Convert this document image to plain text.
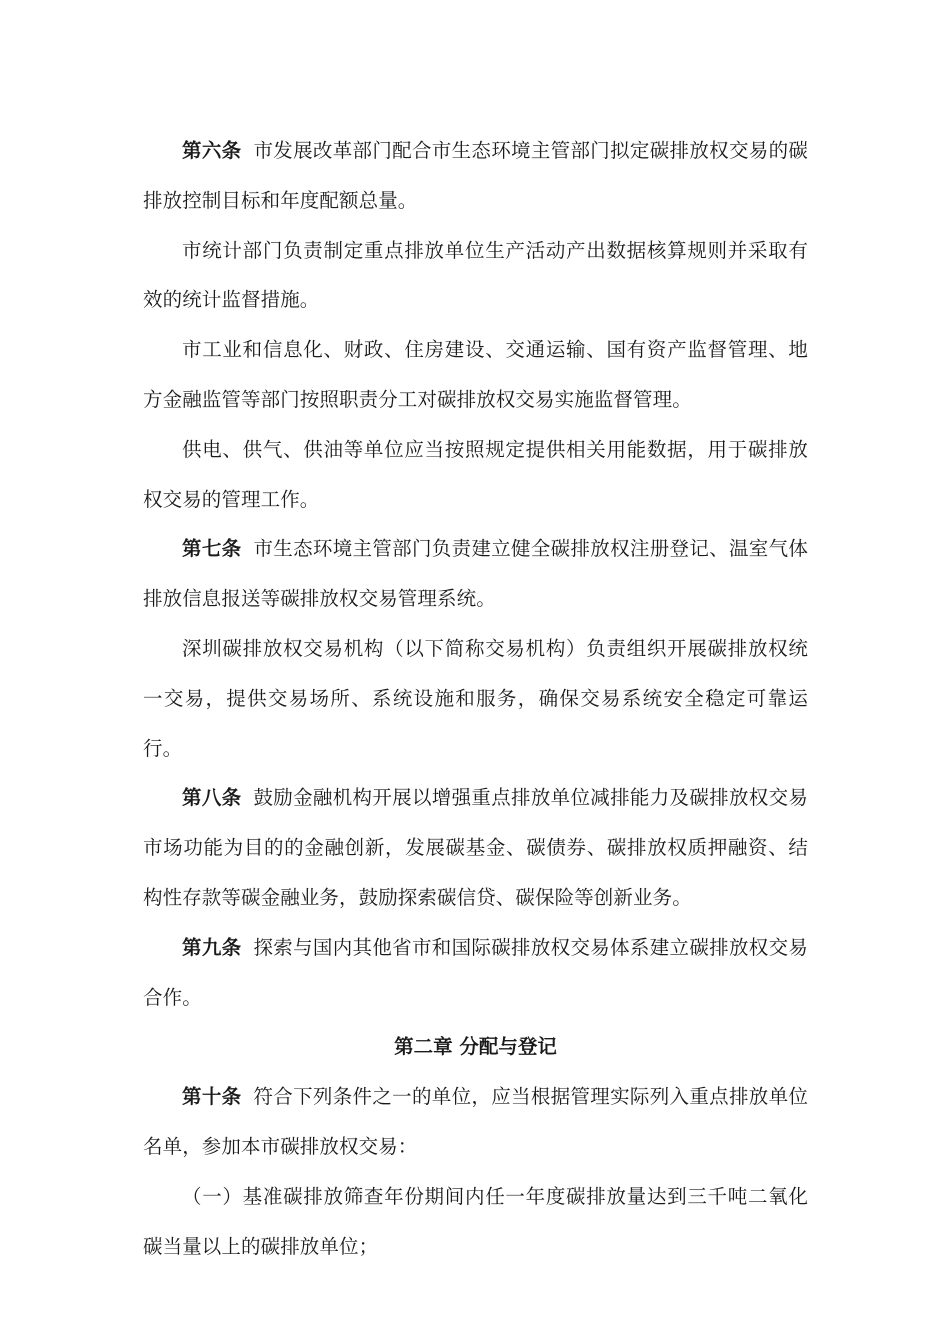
第六条 市发展改革部门配合市生态环境主管部门拟定碳排放权交易的碳排放控制目标和年度配额总量。

市统计部门负责制定重点排放单位生产活动产出数据核算规则并采取有效的统计监督措施。

市工业和信息化、财政、住房建设、交通运输、国有资产监督管理、地方金融监管等部门按照职责分工对碳排放权交易实施监督管理。

供电、供气、供油等单位应当按照规定提供相关用能数据，用于碳排放权交易的管理工作。

第七条 市生态环境主管部门负责建立健全碳排放权注册登记、温室气体排放信息报送等碳排放权交易管理系统。

深圳碳排放权交易机构（以下简称交易机构）负责组织开展碳排放权统一交易，提供交易场所、系统设施和服务，确保交易系统安全稳定可靠运行。

第八条 鼓励金融机构开展以增强重点排放单位减排能力及碳排放权交易市场功能为目的的金融创新，发展碳基金、碳债券、碳排放权质押融资、结构性存款等碳金融业务，鼓励探索碳信贷、碳保险等创新业务。

第九条 探索与国内其他省市和国际碳排放权交易体系建立碳排放权交易合作。

第二章 分配与登记

第十条 符合下列条件之一的单位，应当根据管理实际列入重点排放单位名单，参加本市碳排放权交易：

（一）基准碳排放筛查年份期间内任一年度碳排放量达到三千吨二氧化碳当量以上的碳排放单位；
